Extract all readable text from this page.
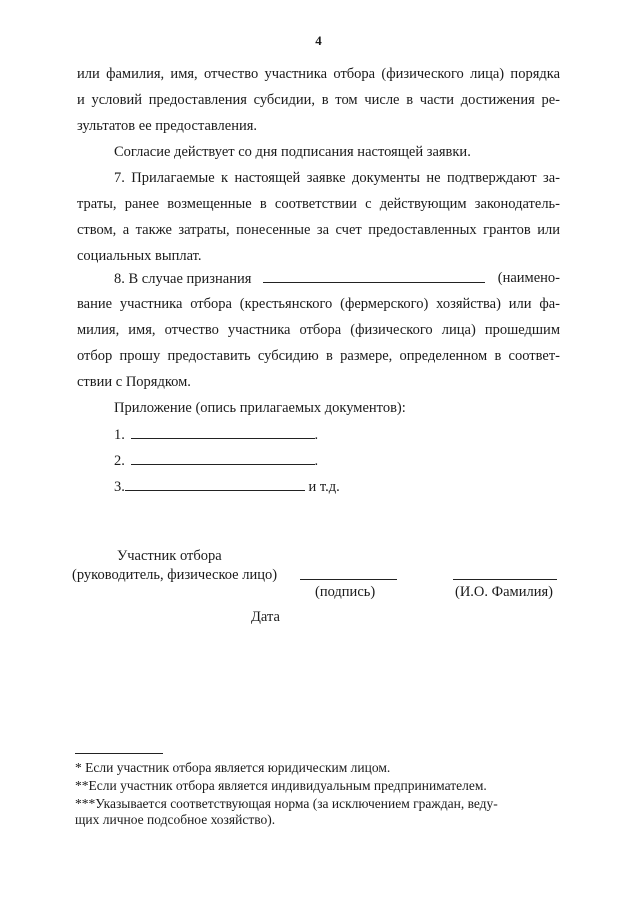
4
или фамилия, имя, отчество участника отбора (физического лица) порядка
и условий предоставления субсидии, в том числе в части достижения ре-
зультатов ее предоставления.
Согласие действует со дня подписания настоящей заявки.
7. Прилагаемые к настоящей заявке документы не подтверждают за-
траты, ранее возмещенные в соответствии с действующим законодатель-
ством, а также затраты, понесенные за счет предоставленных грантов или
социальных выплат.
8. В случае признания	(наимено-
вание участника отбора (крестьянского (фермерского) хозяйства) или фа-
милия, имя, отчество участника отбора (физического лица) прошедшим
отбор прошу предоставить субсидию в размере, определенном в соответ-
ствии с Порядком.
Приложение (опись прилагаемых документов):
1.	.
2.	.
3.	и т.д.
Участник отбора
(руководитель, физическое лицо)
(подпись)	(И.О. Фамилия)
Дата
* Если участник отбора является юридическим лицом.
**Если участник отбора является индивидуальным предпринимателем.
***Указывается соответствующая норма (за исключением граждан, веду-
щих личное подсобное хозяйство).
